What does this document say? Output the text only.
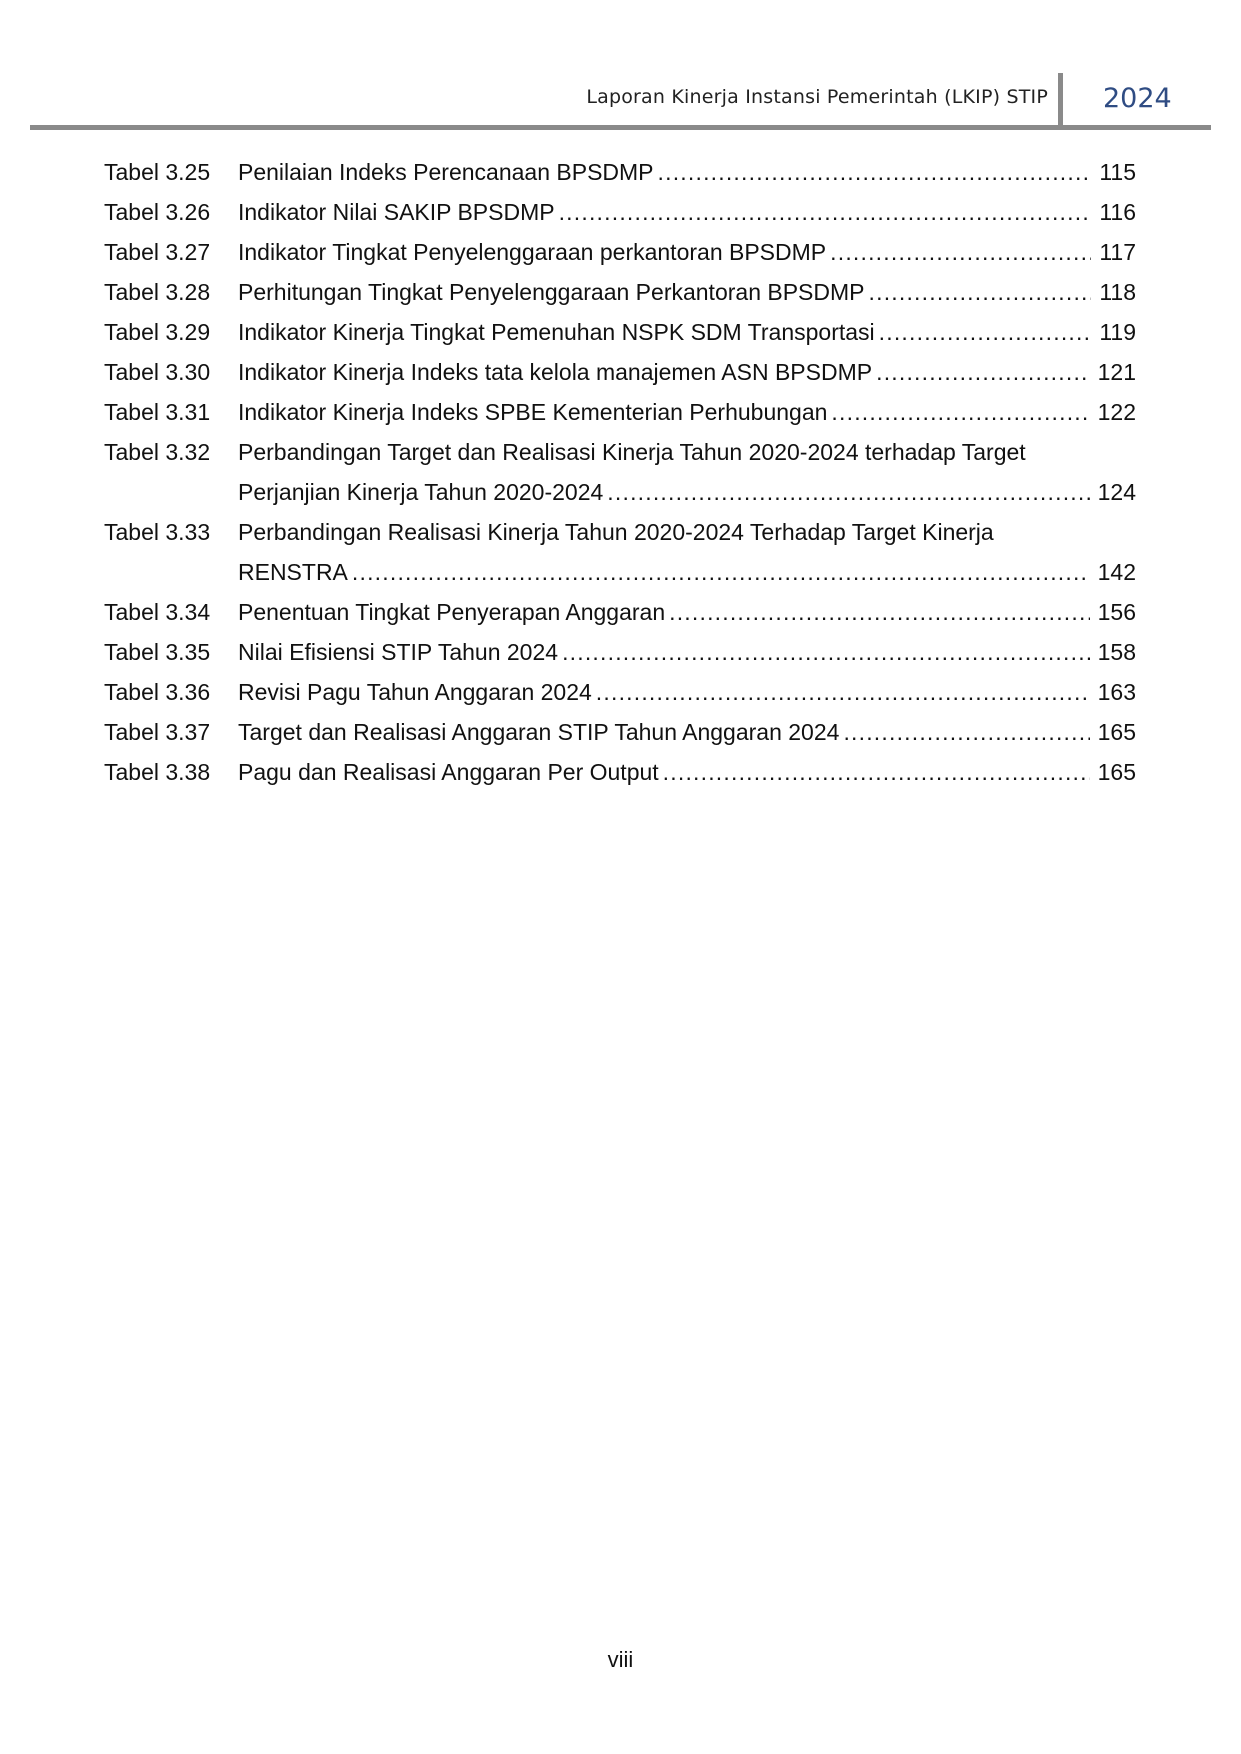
Laporan Kinerja Instansi Pemerintah (LKIP) STIP 2024
Tabel 3.25	Penilaian Indeks Perencanaan BPSDMP .....	115
Tabel 3.26	Indikator Nilai SAKIP BPSDMP .....	116
Tabel 3.27	Indikator Tingkat Penyelenggaraan perkantoran BPSDMP .....	117
Tabel 3.28	Perhitungan Tingkat Penyelenggaraan Perkantoran BPSDMP .....	118
Tabel 3.29	Indikator Kinerja Tingkat Pemenuhan NSPK SDM Transportasi .....	119
Tabel 3.30	Indikator Kinerja Indeks tata kelola manajemen ASN BPSDMP .....	121
Tabel 3.31	Indikator Kinerja Indeks SPBE Kementerian Perhubungan .....	122
Tabel 3.32	Perbandingan Target dan Realisasi Kinerja Tahun 2020-2024 terhadap Target
Perjanjian Kinerja Tahun 2020-2024 .....	124
Tabel 3.33	Perbandingan Realisasi Kinerja Tahun 2020-2024 Terhadap Target Kinerja
RENSTRA .....	142
Tabel 3.34	Penentuan Tingkat Penyerapan Anggaran .....	156
Tabel 3.35	Nilai Efisiensi STIP Tahun 2024 .....	158
Tabel 3.36	Revisi Pagu Tahun Anggaran 2024 .....	163
Tabel 3.37	Target dan Realisasi Anggaran STIP Tahun Anggaran 2024 .....	165
Tabel 3.38	Pagu dan Realisasi Anggaran Per Output .....	165
viii
